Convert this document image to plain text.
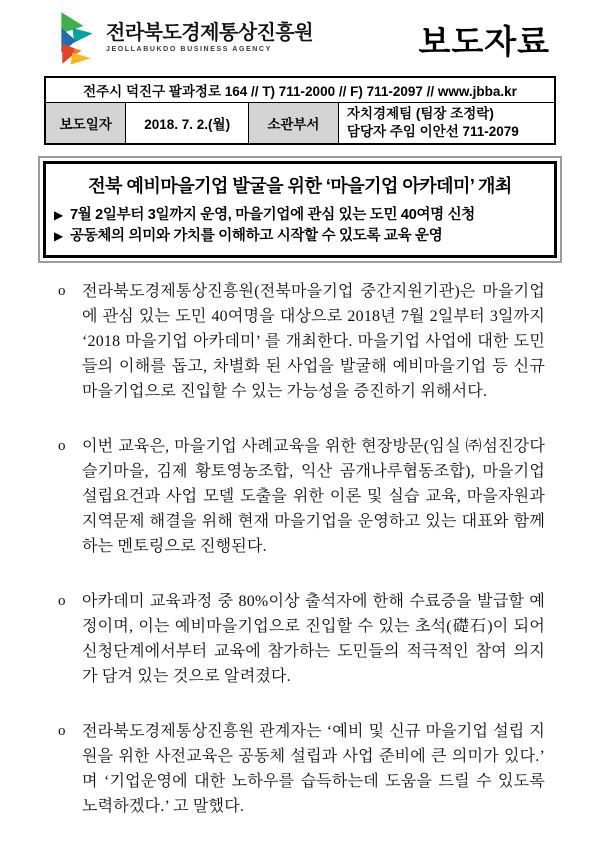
전라북도경제통상진흥원
JEOLLABUKDO BUSINESS AGENCY	보도자료
전주시 덕진구 팔과정로 164 // T) 711-2000 // F) 711-2097 // www.jbba.kr
보도일자	2018. 7. 2.(월)	소관부서	
자치경제팀 (팀장 조정락)
담당자 주임 이안선 711-2079
전북 예비마을기업 발굴을 위한 ‘마을기업 아카데미’ 개최
▶ 7월 2일부터 3일까지 운영, 마을기업에 관심 있는 도민 40여명 신청
▶ 공동체의 의미와 가치를 이해하고 시작할 수 있도록 교육 운영
o	전라북도경제통상진흥원(전북마을기업 중간지원기관)은 마을기업에 관심 있는 도민 40여명을 대상으로 2018년 7월 2일부터 3일까지 ‘2018 마을기업 아카데미’ 를 개최한다. 마을기업 사업에 대한 도민들의 이해를 돕고, 차별화 된 사업을 발굴해 예비마을기업 등 신규 마을기업으로 진입할 수 있는 가능성을 증진하기 위해서다.
o	이번 교육은, 마을기업 사례교육을 위한 현장방문(임실 ㈜섬진강다슬기마을, 김제 황토영농조합, 익산 곰개나루협동조합), 마을기업 설립요건과 사업 모델 도출을 위한 이론 및 실습 교육, 마을자원과 지역문제 해결을 위해 현재 마을기업을 운영하고 있는 대표와 함께하는 멘토링으로 진행된다.
o	아카데미 교육과정 중 80%이상 출석자에 한해 수료증을 발급할 예정이며, 이는 예비마을기업으로 진입할 수 있는 초석(礎石)이 되어 신청단계에서부터 교육에 참가하는 도민들의 적극적인 참여 의지가 담겨 있는 것으로 알려졌다.
o	전라북도경제통상진흥원 관계자는 ‘예비 및 신규 마을기업 설립 지원을 위한 사전교육은 공동체 설립과 사업 준비에 큰 의미가 있다.’ 며 ‘기업운영에 대한 노하우를 습득하는데 도움을 드릴 수 있도록 노력하겠다.’ 고 말했다.
